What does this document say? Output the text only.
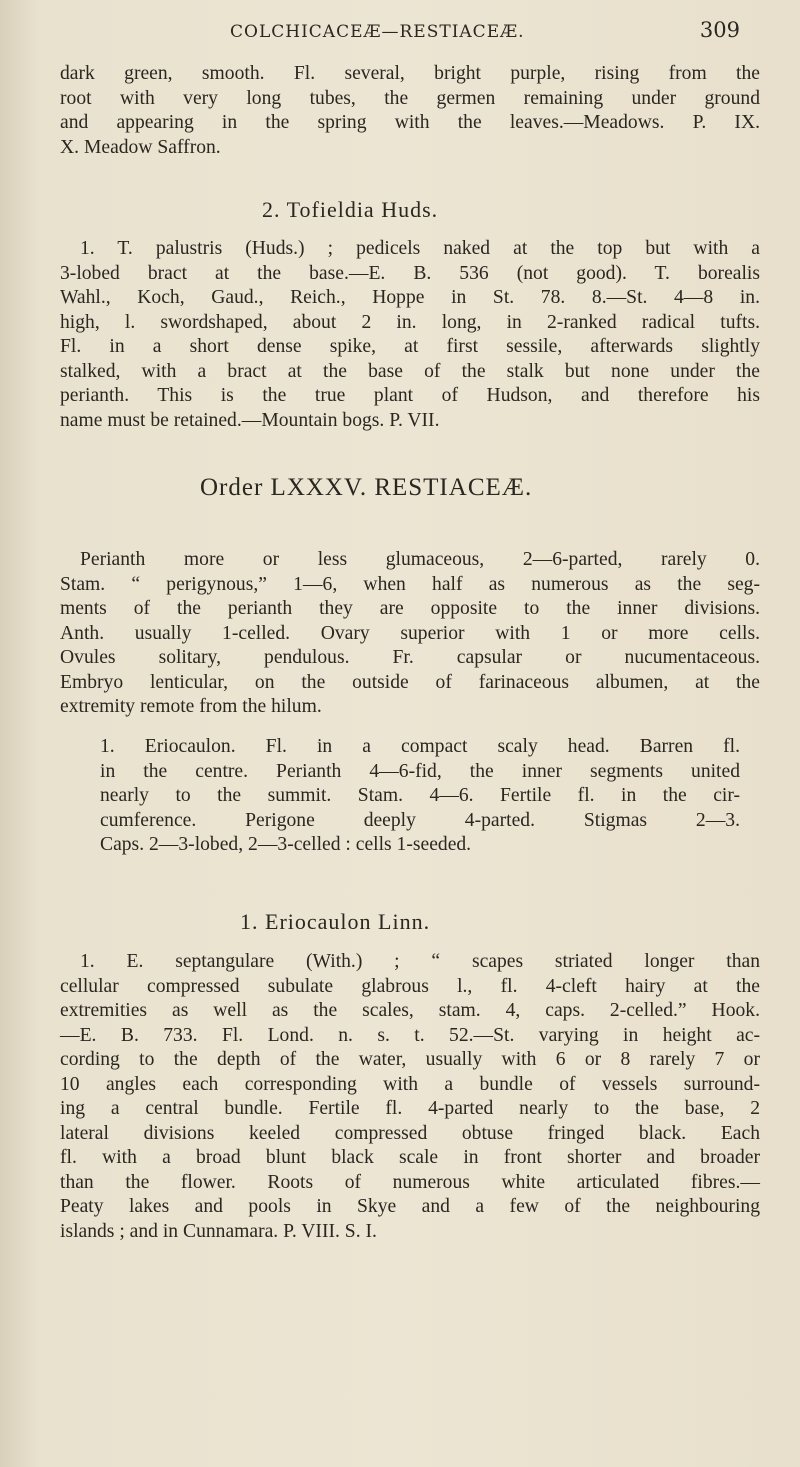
COLCHICACEÆ—RESTIACEÆ.	309
dark green, smooth. Fl. several, bright purple, rising from the
root with very long tubes, the germen remaining under ground
and appearing in the spring with the leaves.—Meadows. P. IX.
X. Meadow Saffron.
2. Tofieldia Huds.
1. T. palustris (Huds.) ; pedicels naked at the top but with a
3-lobed bract at the base.—E. B. 536 (not good). T. borealis
Wahl., Koch, Gaud., Reich., Hoppe in St. 78. 8.—St. 4—8 in.
high, l. swordshaped, about 2 in. long, in 2-ranked radical tufts.
Fl. in a short dense spike, at first sessile, afterwards slightly
stalked, with a bract at the base of the stalk but none under the
perianth. This is the true plant of Hudson, and therefore his
name must be retained.—Mountain bogs. P. VII.
Order LXXXV. RESTIACEÆ.
Perianth more or less glumaceous, 2—6-parted, rarely 0.
Stam. “ perigynous,” 1—6, when half as numerous as the seg-
ments of the perianth they are opposite to the inner divisions.
Anth. usually 1-celled. Ovary superior with 1 or more cells.
Ovules solitary, pendulous. Fr. capsular or nucumentaceous.
Embryo lenticular, on the outside of farinaceous albumen, at the
extremity remote from the hilum.
1. Eriocaulon. Fl. in a compact scaly head. Barren fl.
in the centre. Perianth 4—6-fid, the inner segments united
nearly to the summit. Stam. 4—6. Fertile fl. in the cir-
cumference. Perigone deeply 4-parted. Stigmas 2—3.
Caps. 2—3-lobed, 2—3-celled : cells 1-seeded.
1. Eriocaulon Linn.
1. E. septangulare (With.) ; “ scapes striated longer than
cellular compressed subulate glabrous l., fl. 4-cleft hairy at the
extremities as well as the scales, stam. 4, caps. 2-celled.” Hook.
—E. B. 733. Fl. Lond. n. s. t. 52.—St. varying in height ac-
cording to the depth of the water, usually with 6 or 8 rarely 7 or
10 angles each corresponding with a bundle of vessels surround-
ing a central bundle. Fertile fl. 4-parted nearly to the base, 2
lateral divisions keeled compressed obtuse fringed black. Each
fl. with a broad blunt black scale in front shorter and broader
than the flower. Roots of numerous white articulated fibres.—
Peaty lakes and pools in Skye and a few of the neighbouring
islands ; and in Cunnamara. P. VIII. S. I.
